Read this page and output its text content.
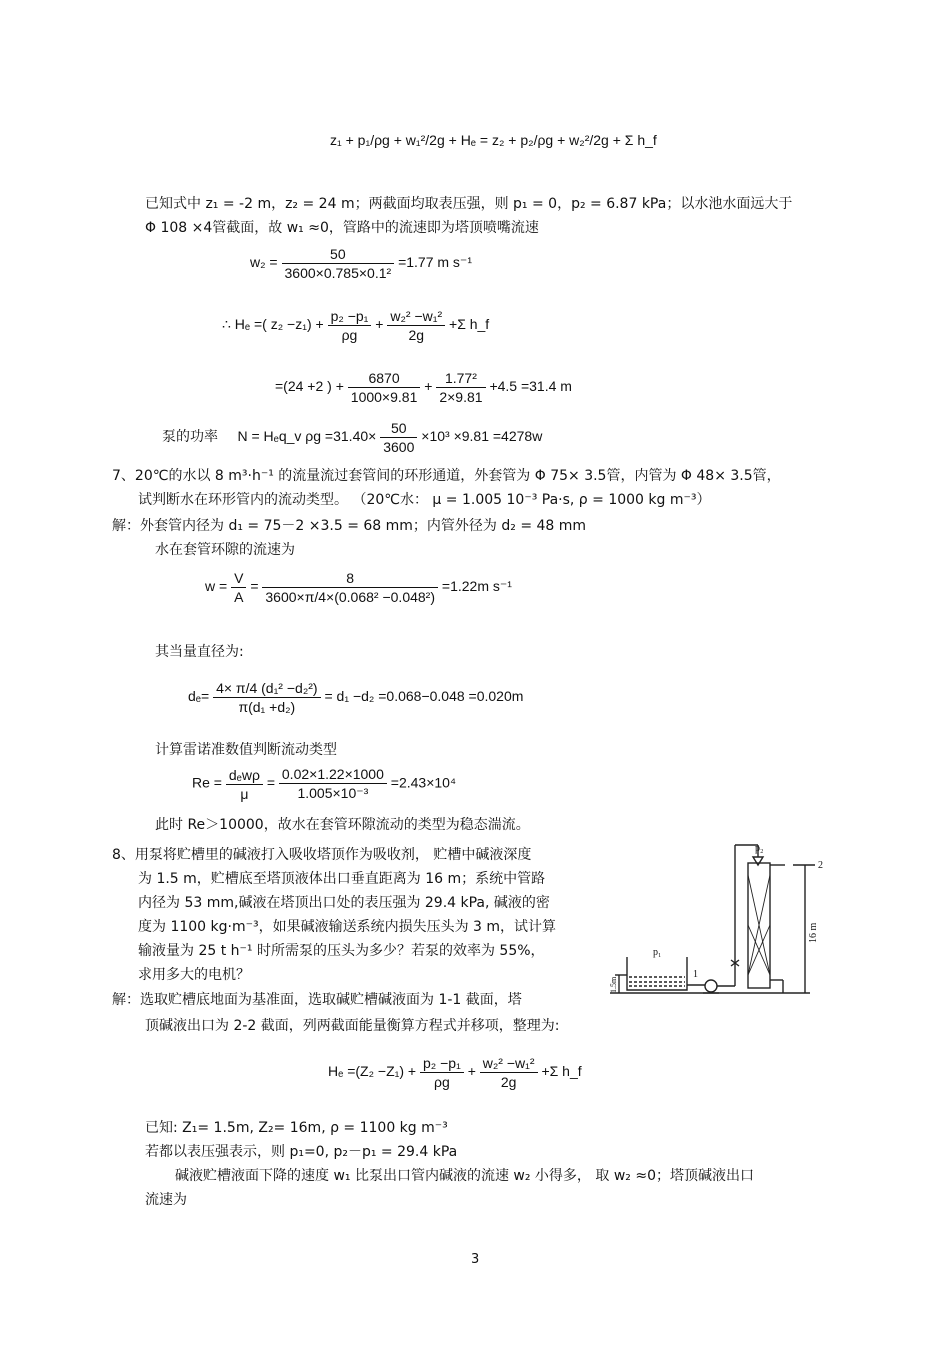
z₁ + p₁/ρg + w₁²/2g + Hₑ = z₂ + p₂/ρg + w₂²/2g + Σ h_f
已知式中 z₁ = -2 m，z₂ = 24 m；两截面均取表压强，则 p₁ = 0，p₂ = 6.87 kPa；以水池水面远大于
Φ 108 ×4管截面，故 w₁ ≈0，管路中的流速即为塔顶喷嘴流速
$w_2 = \frac{50}{\text{3600×0.785×0.1²}} =1.77$ m s⁻¹
∴ Hₑ =( $z_2 -z_1) + \frac{\text{p₂ −p₁}}{\rho g} + \frac{\text{w₂² −w₁²}}{2g} +\Sigma$ h_f
=(24 +2 ) + $\frac{6870}{1000\times 9.81} + \frac{\text{1.77²}}{2\times 9.81} +4.5 =31.4$ m
泵的功率 N = Hₑq_v $\rho g =31.40\times \frac{50}{3600} \times 10^3 \times 9.81 =4278w$
7、20℃的水以 8 m³·h⁻¹ 的流量流过套管间的环形通道，外套管为 Φ 75× 3.5管，内管为 Φ 48× 3.5管，
试判断水在环形管内的流动类型。 （20℃水： μ = 1.005 10⁻³ Pa·s, ρ = 1000 kg m⁻³）
解：外套管内径为 d₁ = 75－2 ×3.5 = 68 mm；内管外径为 d₂ = 48 mm
水在套管环隙的流速为
$w = \frac{V}{A} = \frac{8}{\text{3600×π/4×(0.068² −0.048²)}} =1.22m$ s⁻¹
其当量直径为:
$d_e= \frac{\text{4× π/4 (d₁² −d₂²)}}{\text{π(d₁ +d₂)}} = d_1 -d_2 =0.068-0.048 =0.020m$
计算雷诺准数值判断流动类型
$Re = \frac{\text{dₑwρ}}{\mu} = \frac{0.02\times 1.22\times 1000}{\text{1.005×10⁻³}} =2.43\times 10^4$
此时 Re＞10000，故水在套管环隙流动的类型为稳态湍流。
8、用泵将贮槽里的碱液打入吸收塔顶作为吸收剂， 贮槽中碱液深度
为 1.5 m，贮槽底至塔顶液体出口垂直距离为 16 m；系统中管路
内径为 53 mm,碱液在塔顶出口处的表压强为 29.4 kPa, 碱液的密
度为 1100 kg·m⁻³，如果碱液输送系统内损失压头为 3 m，试计算
输液量为 25 t h⁻¹ 时所需泵的压头为多少？若泵的效率为 55%，
求用多大的电机？
p₂
p₁
2
1
16 m
1.5m
解：选取贮槽底地面为基准面，选取碱贮槽碱液面为 1-1 截面，塔
顶碱液出口为 2-2 截面，列两截面能量衡算方程式并移项，整理为:
$H_e =(Z_2 -Z_1) + \frac{\text{p₂ −p₁}}{\rho g} + \frac{\text{w₂² −w₁²}}{2g} +\Sigma$ h_f
已知: Z₁= 1.5m, Z₂= 16m, ρ = 1100 kg m⁻³
若都以表压强表示，则 p₁=0, p₂－p₁ = 29.4 kPa
碱液贮槽液面下降的速度 w₁ 比泵出口管内碱液的流速 w₂ 小得多， 取 w₂ ≈0；塔顶碱液出口
流速为
3
